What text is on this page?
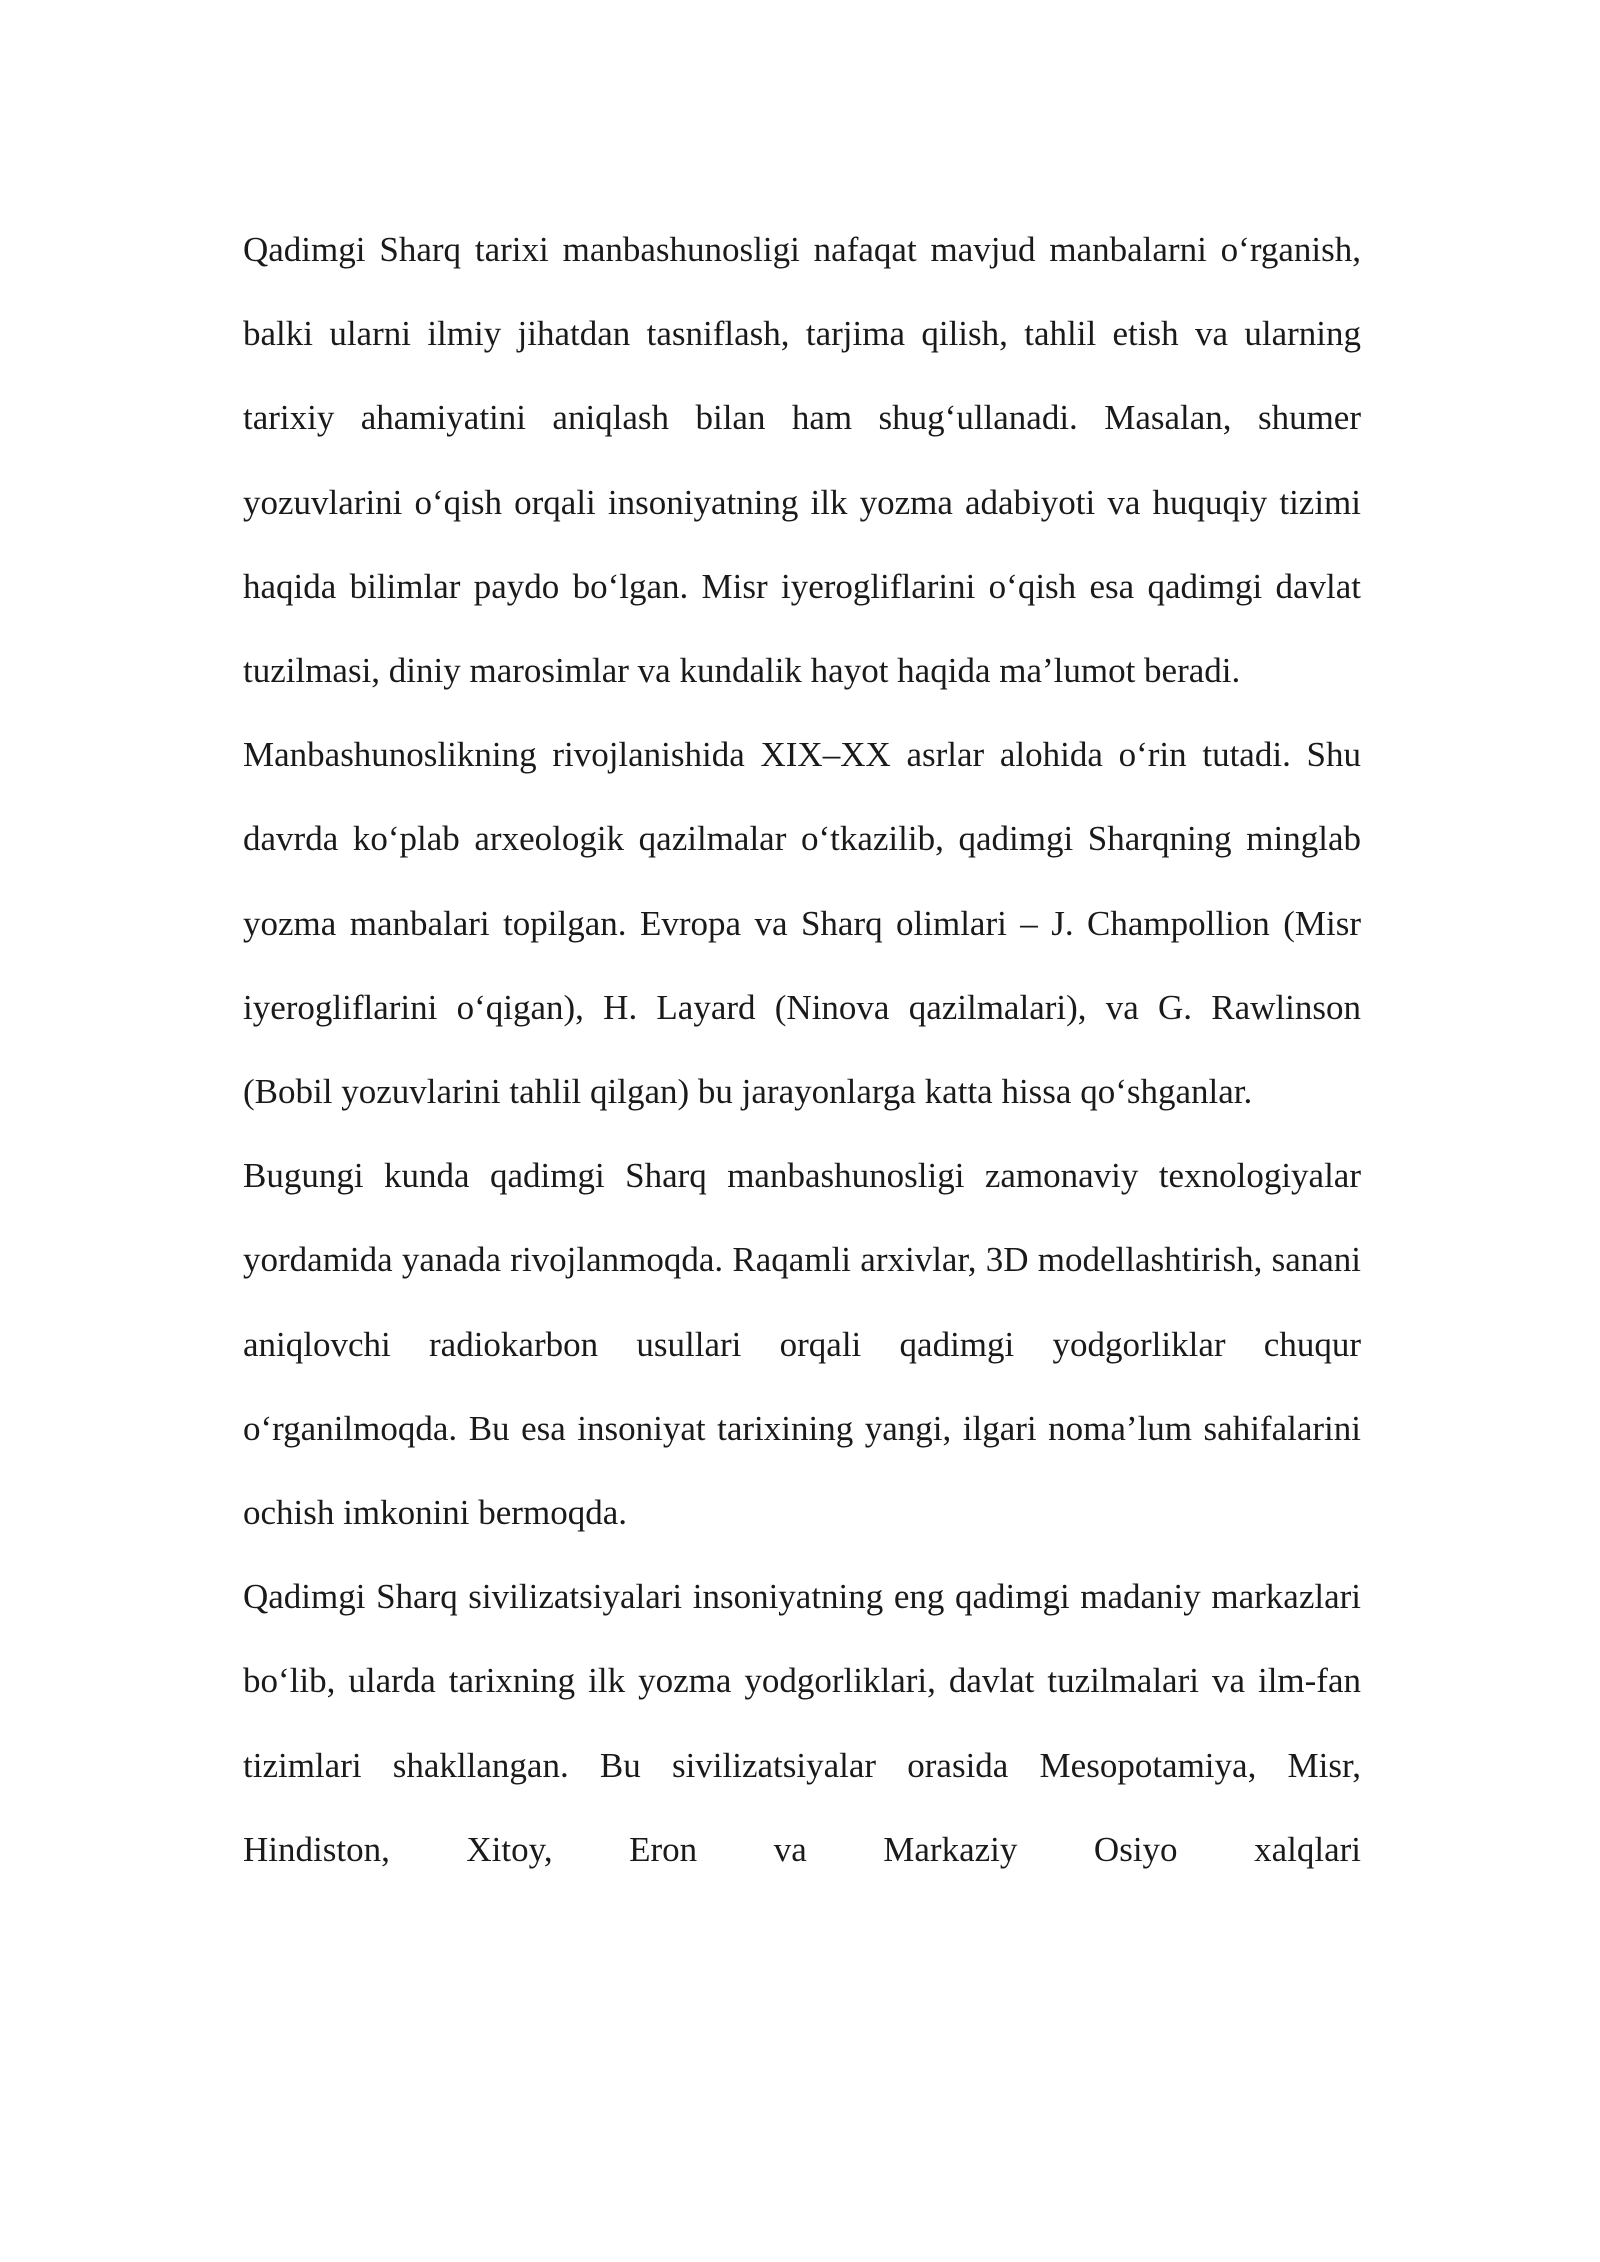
Qadimgi Sharq tarixi manbashunosligi nafaqat mavjud manbalarni o‘rganish, balki ularni ilmiy jihatdan tasniflash, tarjima qilish, tahlil etish va ularning tarixiy ahamiyatini aniqlash bilan ham shug‘ullanadi. Masalan, shumer yozuvlarini o‘qish orqali insoniyatning ilk yozma adabiyoti va huquqiy tizimi haqida bilimlar paydo bo‘lgan. Misr iyerogliflarini o‘qish esa qadimgi davlat tuzilmasi, diniy marosimlar va kundalik hayot haqida ma’lumot beradi.

Manbashunoslikning rivojlanishida XIX–XX asrlar alohida o‘rin tutadi. Shu davrda ko‘plab arxeologik qazilmalar o‘tkazilib, qadimgi Sharqning minglab yozma manbalari topilgan. Evropa va Sharq olimlari – J. Champollion (Misr iyerogliflarini o‘qigan), H. Layard (Ninova qazilmalari), va G. Rawlinson (Bobil yozuvlarini tahlil qilgan) bu jarayonlarga katta hissa qo‘shganlar.

Bugungi kunda qadimgi Sharq manbashunosligi zamonaviy texnologiyalar yordamida yanada rivojlanmoqda. Raqamli arxivlar, 3D modellashtirish, sanani aniqlovchi radiokarbon usullari orqali qadimgi yodgorliklar chuqur o‘rganilmoqda. Bu esa insoniyat tarixining yangi, ilgari noma’lum sahifalarini ochish imkonini bermoqda.

Qadimgi Sharq sivilizatsiyalari insoniyatning eng qadimgi madaniy markazlari bo‘lib, ularda tarixning ilk yozma yodgorliklari, davlat tuzilmalari va ilm-fan tizimlari shakllangan. Bu sivilizatsiyalar orasida Mesopotamiya, Misr, Hindiston, Xitoy, Eron va Markaziy Osiyo xalqlari
